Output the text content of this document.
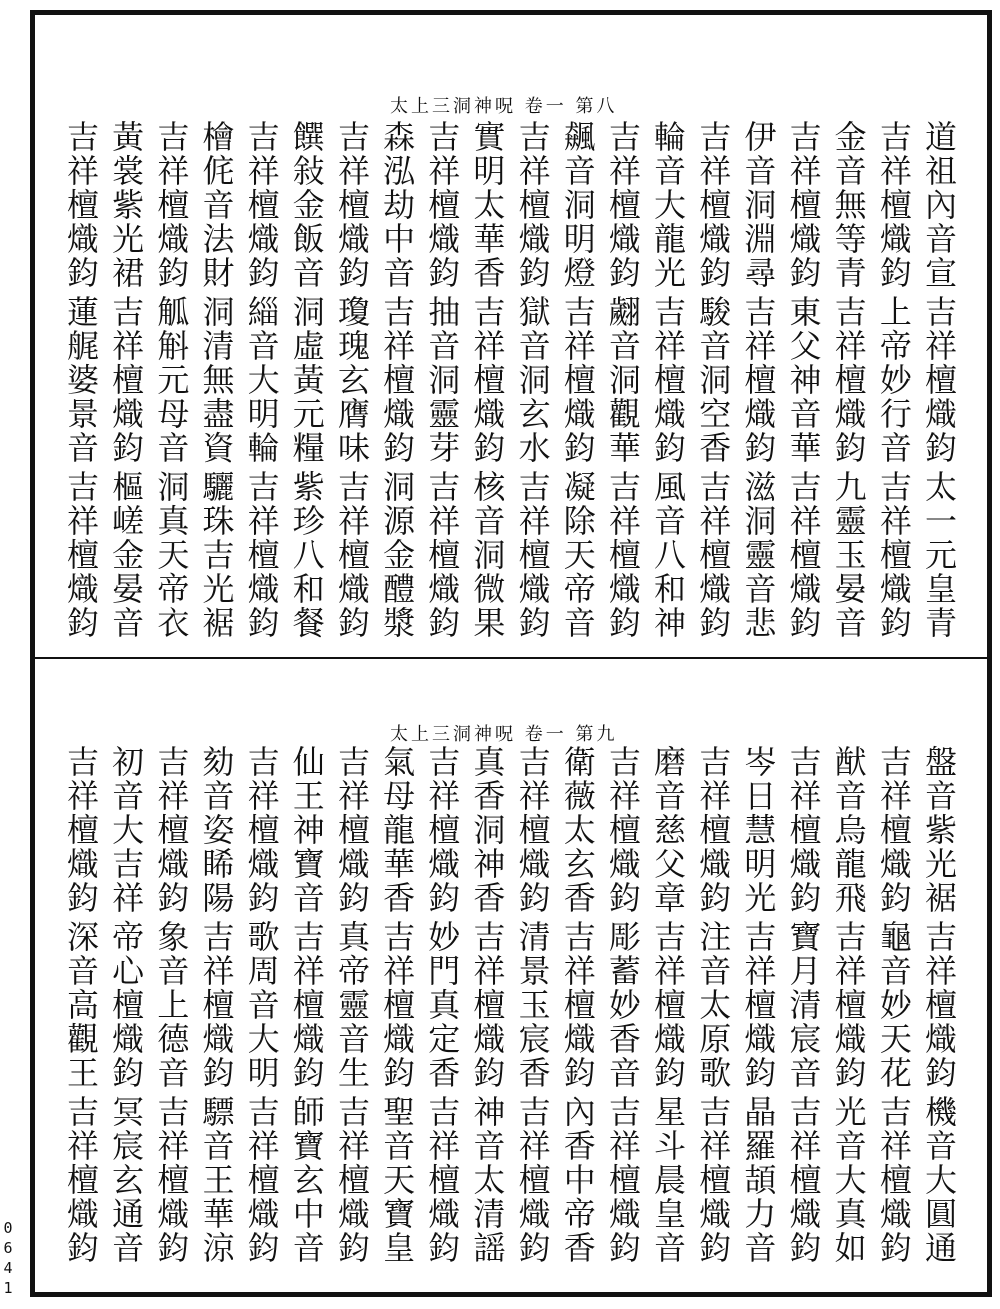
太上三洞神呪 卷一 第八
太上三洞神呪 卷一 第九
道祖內音宣
吉祥檀熾鈞
太一元皇青
吉祥檀熾鈞
上帝妙行音
吉祥檀熾鈞
金音無等青
吉祥檀熾鈞
九靈玉晏音
吉祥檀熾鈞
東父神音華
吉祥檀熾鈞
伊音洞淵尋
吉祥檀熾鈞
滋洞靈音悲
吉祥檀熾鈞
駿音洞空香
吉祥檀熾鈞
輪音大龍光
吉祥檀熾鈞
風音八和神
吉祥檀熾鈞
翽音洞觀華
吉祥檀熾鈞
飆音洞明燈
吉祥檀熾鈞
凝除天帝音
吉祥檀熾鈞
獄音洞玄水
吉祥檀熾鈞
實明太華香
吉祥檀熾鈞
核音洞微果
吉祥檀熾鈞
抽音洞靈芽
吉祥檀熾鈞
森泓劫中音
吉祥檀熾鈞
洞源金醴漿
吉祥檀熾鈞
瓊瑰玄膺味
吉祥檀熾鈞
饌敍金飯音
洞虛黃元糧
紫珍八和餐
吉祥檀熾鈞
緇音大明輪
吉祥檀熾鈞
檜侂音法財
洞清無盡資
驪珠吉光裾
吉祥檀熾鈞
觚斛元母音
洞真天帝衣
黃裳紫光裙
吉祥檀熾鈞
樞嵯金晏音
吉祥檀熾鈞
蓮艉婆景音
吉祥檀熾鈞
盤音紫光裾
吉祥檀熾鈞
機音大圓通
吉祥檀熾鈞
龜音妙天花
吉祥檀熾鈞
猷音烏龍飛
吉祥檀熾鈞
光音大真如
吉祥檀熾鈞
寶月清宸音
吉祥檀熾鈞
岑日慧明光
吉祥檀熾鈞
晶羅頡力音
吉祥檀熾鈞
注音太原歌
吉祥檀熾鈞
磨音慈父章
吉祥檀熾鈞
星斗晨皇音
吉祥檀熾鈞
彫蓄妙香音
吉祥檀熾鈞
衛薇太玄香
吉祥檀熾鈞
內香中帝香
吉祥檀熾鈞
清景玉宸香
吉祥檀熾鈞
真香洞神香
吉祥檀熾鈞
神音太清謡
吉祥檀熾鈞
妙門真定香
吉祥檀熾鈞
氣母龍華香
吉祥檀熾鈞
聖音天寶皇
吉祥檀熾鈞
真帝靈音生
吉祥檀熾鈞
仙王神寶音
吉祥檀熾鈞
師寶玄中音
吉祥檀熾鈞
歌周音大明
吉祥檀熾鈞
劾音姿睎陽
吉祥檀熾鈞
驃音王華涼
吉祥檀熾鈞
象音上德音
吉祥檀熾鈞
初音大吉祥
帝心檀熾鈞
冥宸玄通音
吉祥檀熾鈞
深音高觀王
吉祥檀熾鈞
0641
